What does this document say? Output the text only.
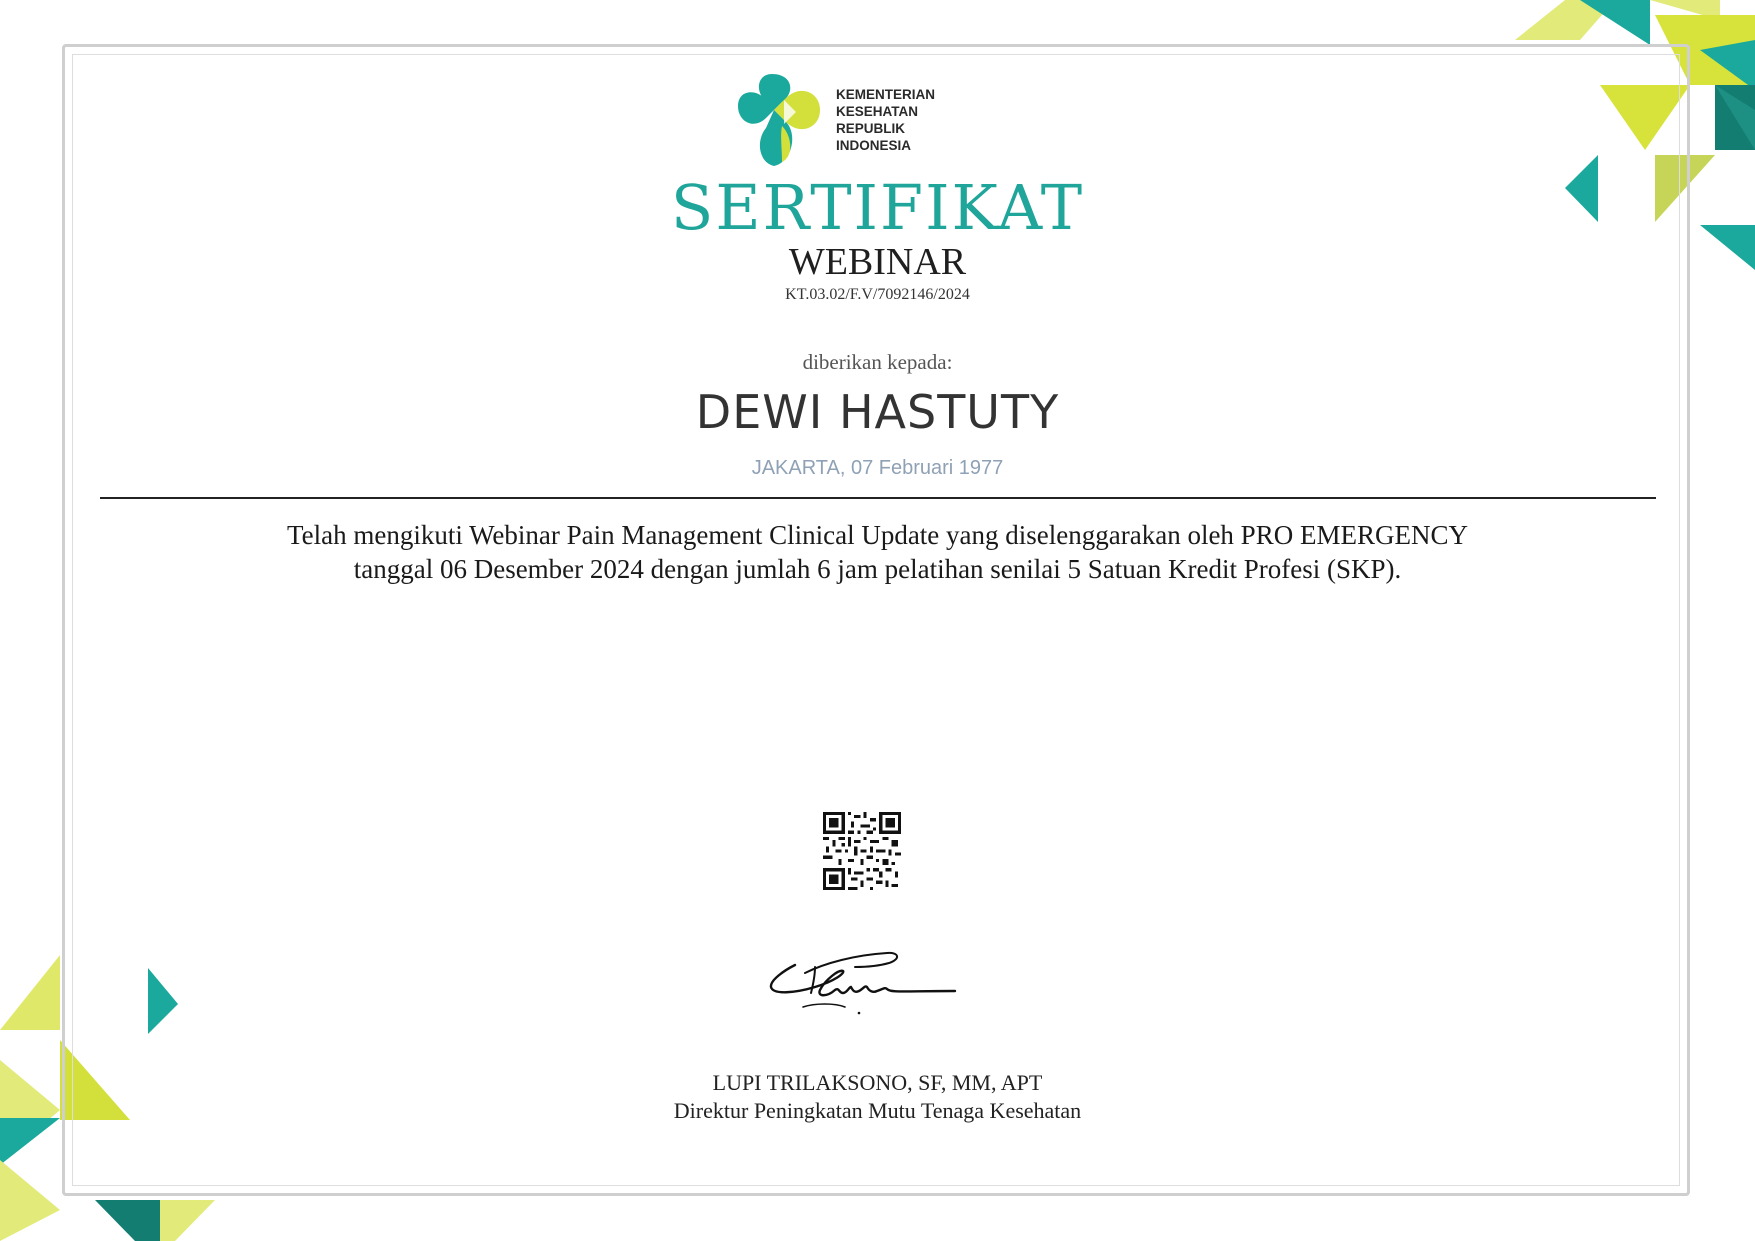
KEMENTERIAN
KESEHATAN
REPUBLIK
INDONESIA
SERTIFIKAT
WEBINAR
KT.03.02/F.V/7092146/2024
diberikan kepada:
DEWI HASTUTY
JAKARTA, 07 Februari 1977
Telah mengikuti Webinar Pain Management Clinical Update yang diselenggarakan oleh PRO EMERGENCY
tanggal 06 Desember 2024 dengan jumlah 6 jam pelatihan senilai 5 Satuan Kredit Profesi (SKP).
LUPI TRILAKSONO, SF, MM, APT
Direktur Peningkatan Mutu Tenaga Kesehatan
